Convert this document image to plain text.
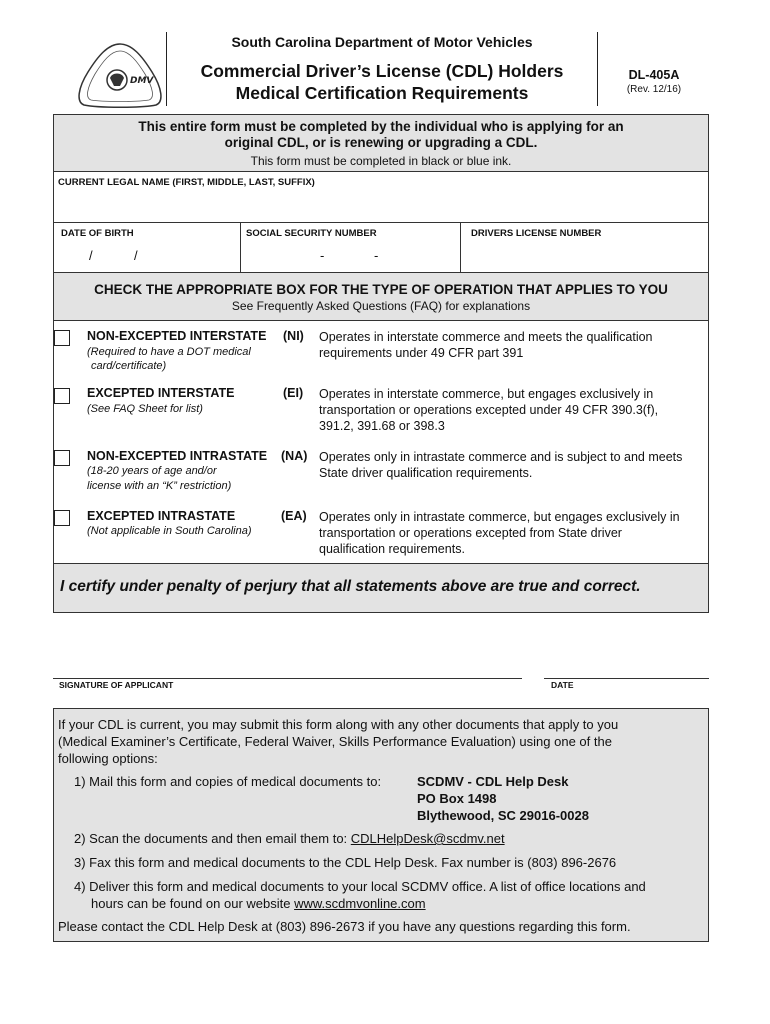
DMV
South Carolina Department of Motor Vehicles
Commercial Driver’s License (CDL) Holders
Medical Certification Requirements
DL-405A
(Rev. 12/16)
This entire form must be completed by the individual who is applying for an
original CDL, or is renewing or upgrading a CDL.
This form must be completed in black or blue ink.
CURRENT LEGAL NAME (FIRST, MIDDLE, LAST, SUFFIX)
DATE OF BIRTH
/	/
SOCIAL SECURITY NUMBER
-	-
DRIVERS LICENSE NUMBER
CHECK THE APPROPRIATE BOX FOR THE TYPE OF OPERATION THAT APPLIES TO YOU
See Frequently Asked Questions (FAQ) for explanations
NON-EXCEPTED INTERSTATE
(Required to have a DOT medical
card/certificate)
(NI) Operates in interstate commerce and meets the qualification
requirements under 49 CFR part 391
EXCEPTED INTERSTATE
(See FAQ Sheet for list)
(EI) Operates in interstate commerce, but engages exclusively in
transportation or operations excepted under 49 CFR 390.3(f),
391.2, 391.68 or 398.3
NON-EXCEPTED INTRASTATE
(18-20 years of age and/or
license with an “K” restriction)
(NA) Operates only in intrastate commerce and is subject to and meets
State driver qualification requirements.
EXCEPTED INTRASTATE
(Not applicable in South Carolina)
(EA) Operates only in intrastate commerce, but engages exclusively in
transportation or operations excepted from State driver
qualification requirements.
I certify under penalty of perjury that all statements above are true and correct.
SIGNATURE OF APPLICANT	DATE
If your CDL is current, you may submit this form along with any other documents that apply to you
(Medical Examiner’s Certificate, Federal Waiver, Skills Performance Evaluation) using one of the
following options:
1) Mail this form and copies of medical documents to:	SCDMV - CDL Help Desk
PO Box 1498
Blythewood, SC 29016-0028
2) Scan the documents and then email them to: CDLHelpDesk@scdmv.net
3) Fax this form and medical documents to the CDL Help Desk. Fax number is (803) 896-2676
4) Deliver this form and medical documents to your local SCDMV office. A list of office locations and
hours can be found on our website www.scdmvonline.com
Please contact the CDL Help Desk at (803) 896-2673 if you have any questions regarding this form.
